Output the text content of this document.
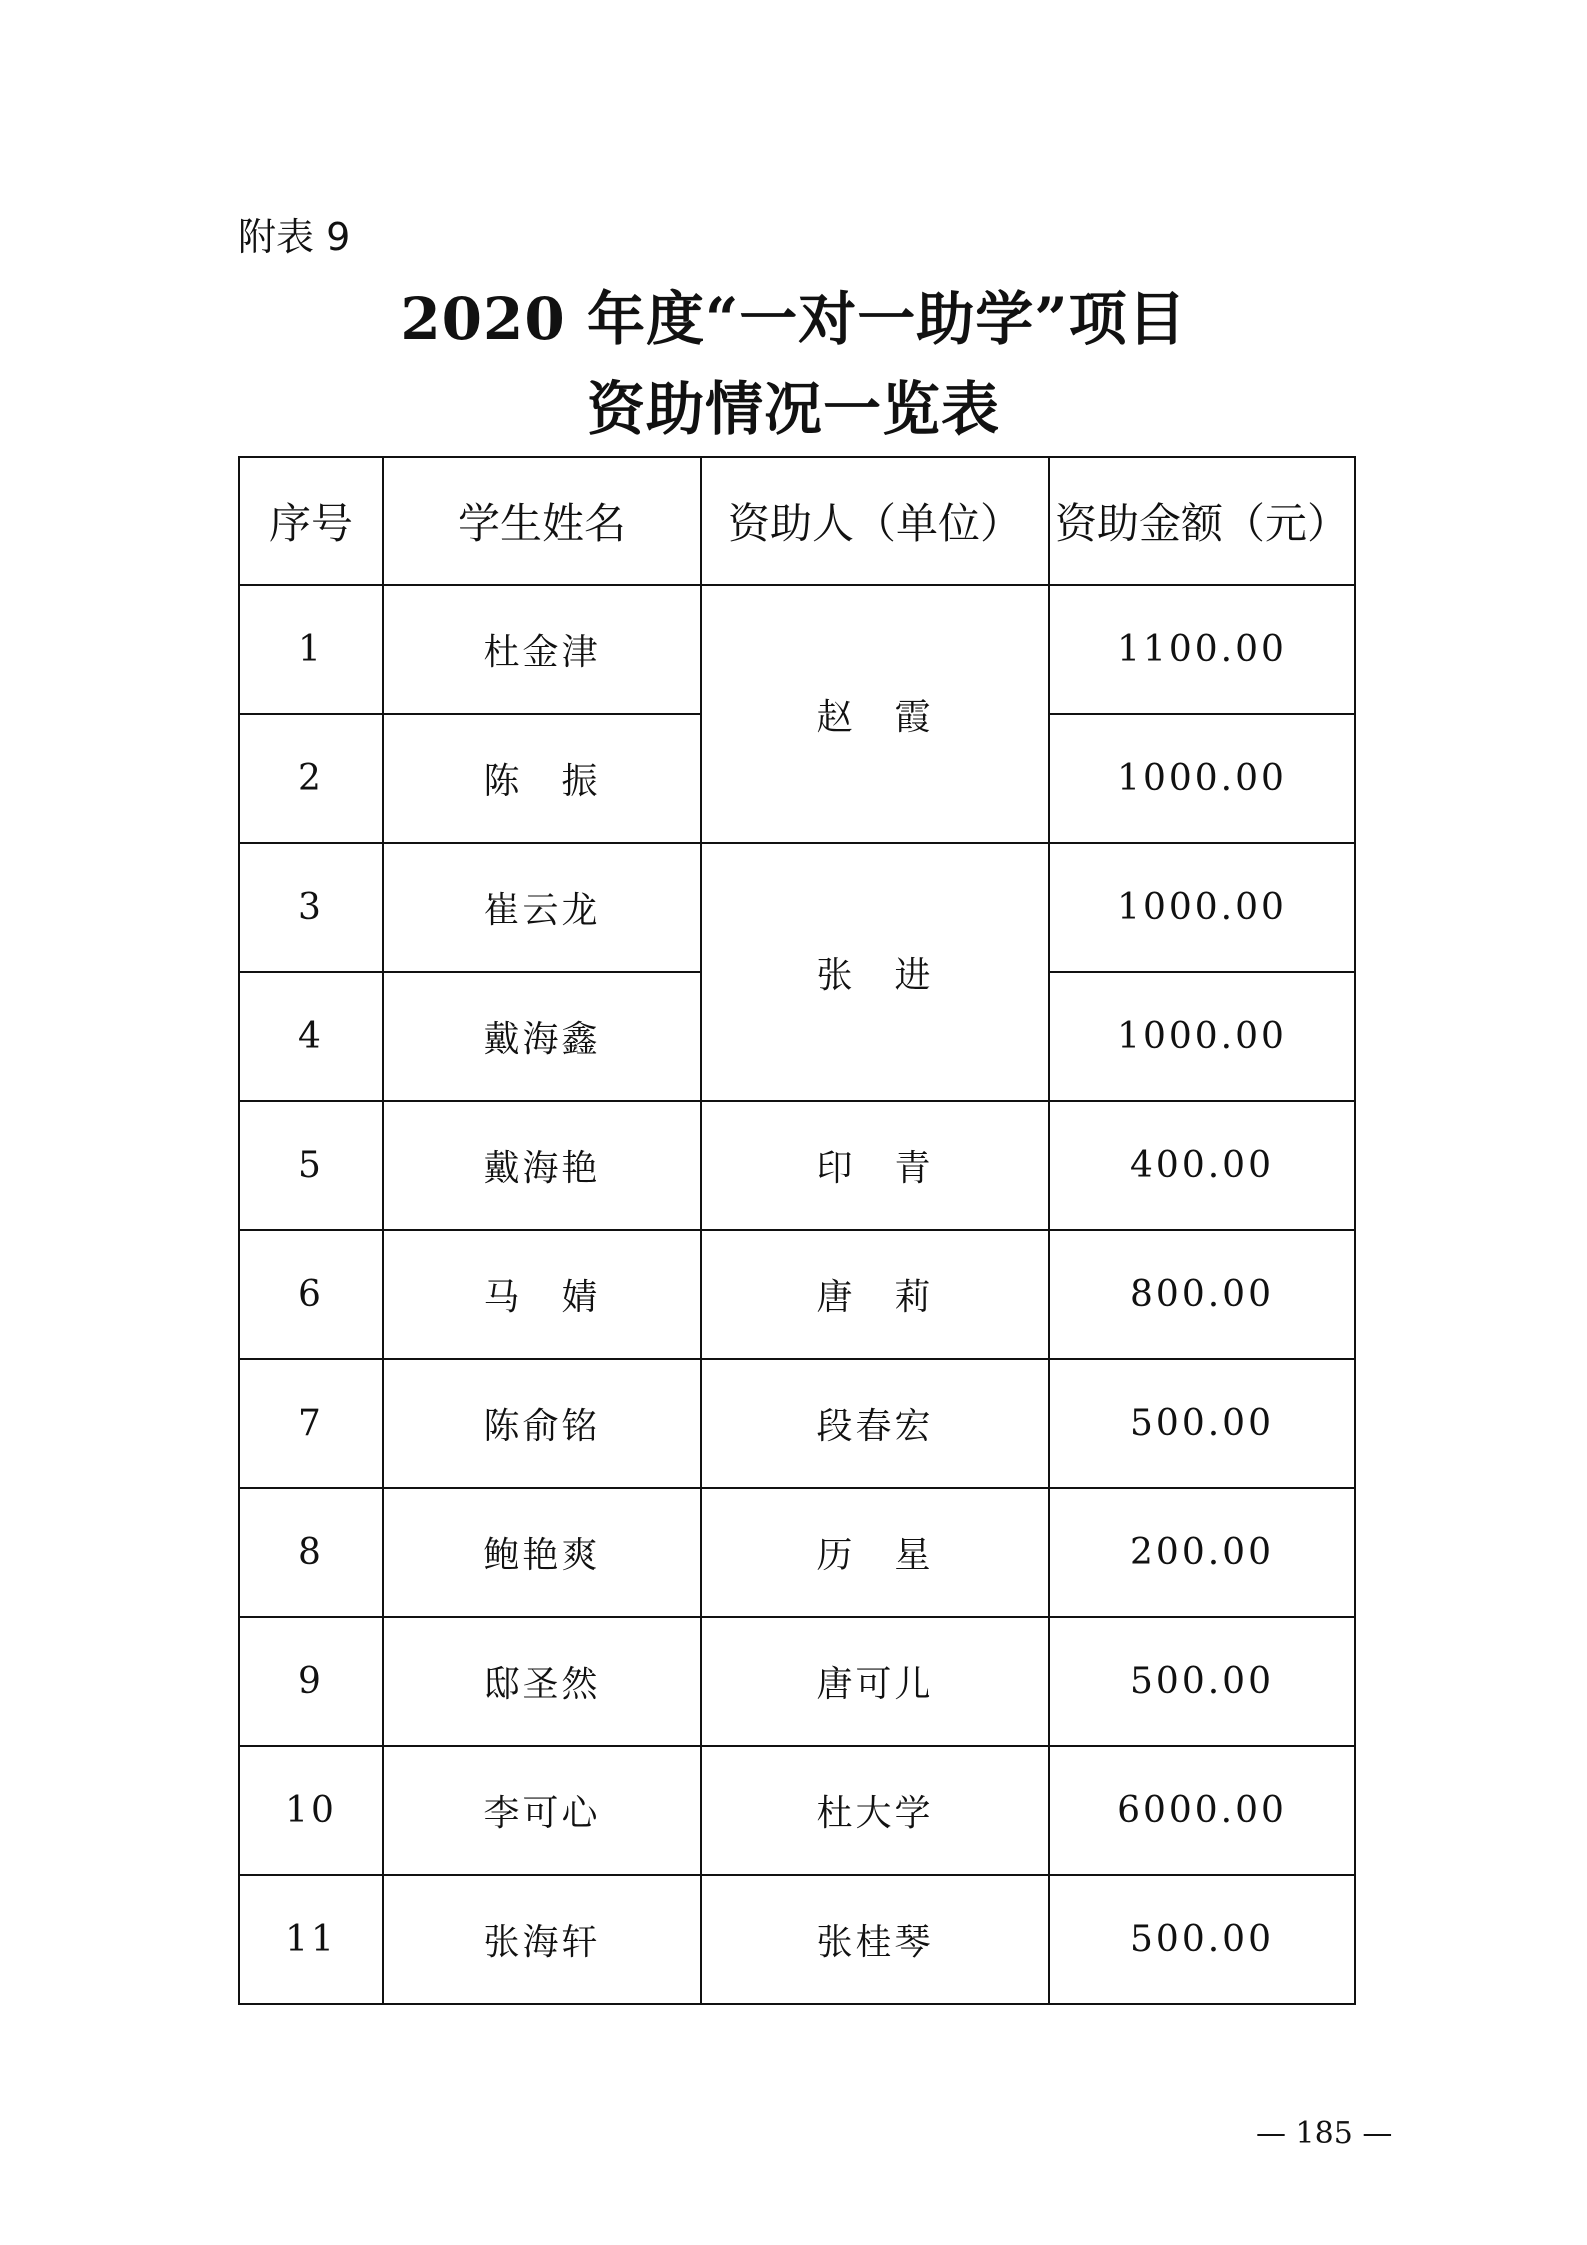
附表 9
2020 年度“一对一助学”项目
资助情况一览表
序号	学生姓名	资助人（单位）	资助金额（元）
1	杜金津	赵　霞	1100.00
2	陈　振		1000.00
3	崔云龙	张　进	1000.00
4	戴海鑫		1000.00
5	戴海艳	印　青	400.00
6	马　婧	唐　莉	800.00
7	陈俞铭	段春宏	500.00
8	鲍艳爽	历　星	200.00
9	邸圣然	唐可儿	500.00
10	李可心	杜大学	6000.00
11	张海轩	张桂琴	500.00
— 185 —
